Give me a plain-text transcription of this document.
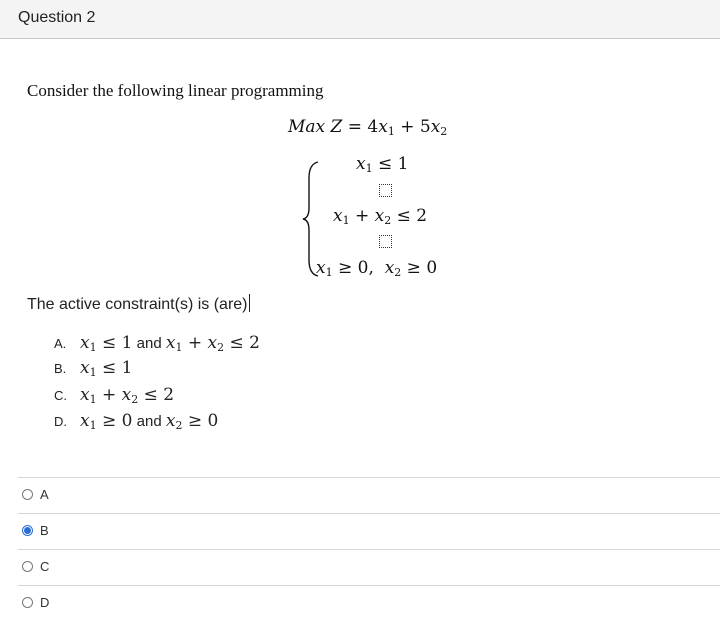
Question 2
Consider the following linear programming
Max $Z = 4x_1 + 5x_2$
$x_1 \le 1$
$x_1 + x_2 \le 2$
$x_1 \ge 0$,  $x_2 \ge 0$
The active constraint(s) is (are)
A. $x_1 \le 1$ and $x_1 + x_2 \le 2$
B. $x_1 \le 1$
C. $x_1 + x_2 \le 2$
D. $x_1 \ge 0$ and $x_2 \ge 0$
A
B
C
D
